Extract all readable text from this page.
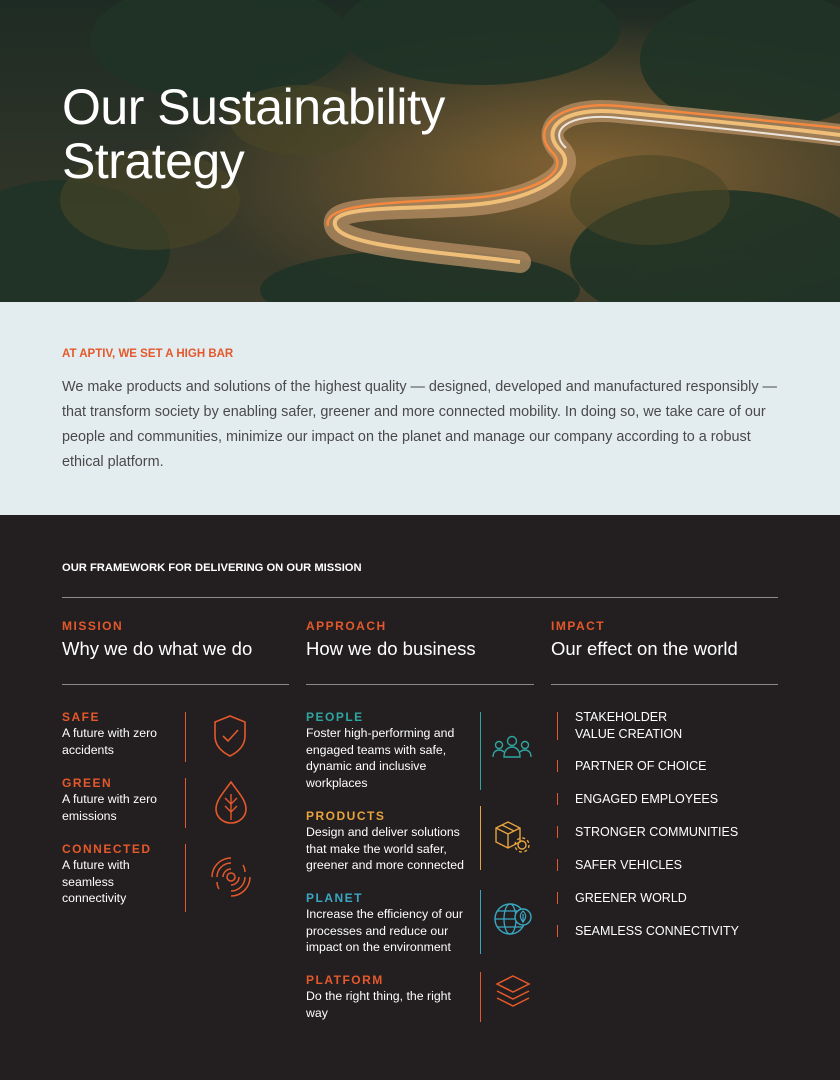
Our Sustainability Strategy
AT APTIV, WE SET A HIGH BAR
We make products and solutions of the highest quality — designed, developed and manufactured responsibly — that transform society by enabling safer, greener and more connected mobility. In doing so, we take care of our people and communities, minimize our impact on the planet and manage our company according to a robust ethical platform.
OUR FRAMEWORK FOR DELIVERING ON OUR MISSION
MISSION
Why we do what we do
APPROACH
How we do business
IMPACT
Our effect on the world
SAFE
A future with zero accidents
GREEN
A future with zero emissions
CONNECTED
A future with seamless connectivity
PEOPLE
Foster high-performing and engaged teams with safe, dynamic and inclusive workplaces
PRODUCTS
Design and deliver solutions that make the world safer, greener and more connected
PLANET
Increase the efficiency of our processes and reduce our impact on the environment
PLATFORM
Do the right thing, the right way
STAKEHOLDER VALUE CREATION
PARTNER OF CHOICE
ENGAGED EMPLOYEES
STRONGER COMMUNITIES
SAFER VEHICLES
GREENER WORLD
SEAMLESS CONNECTIVITY
